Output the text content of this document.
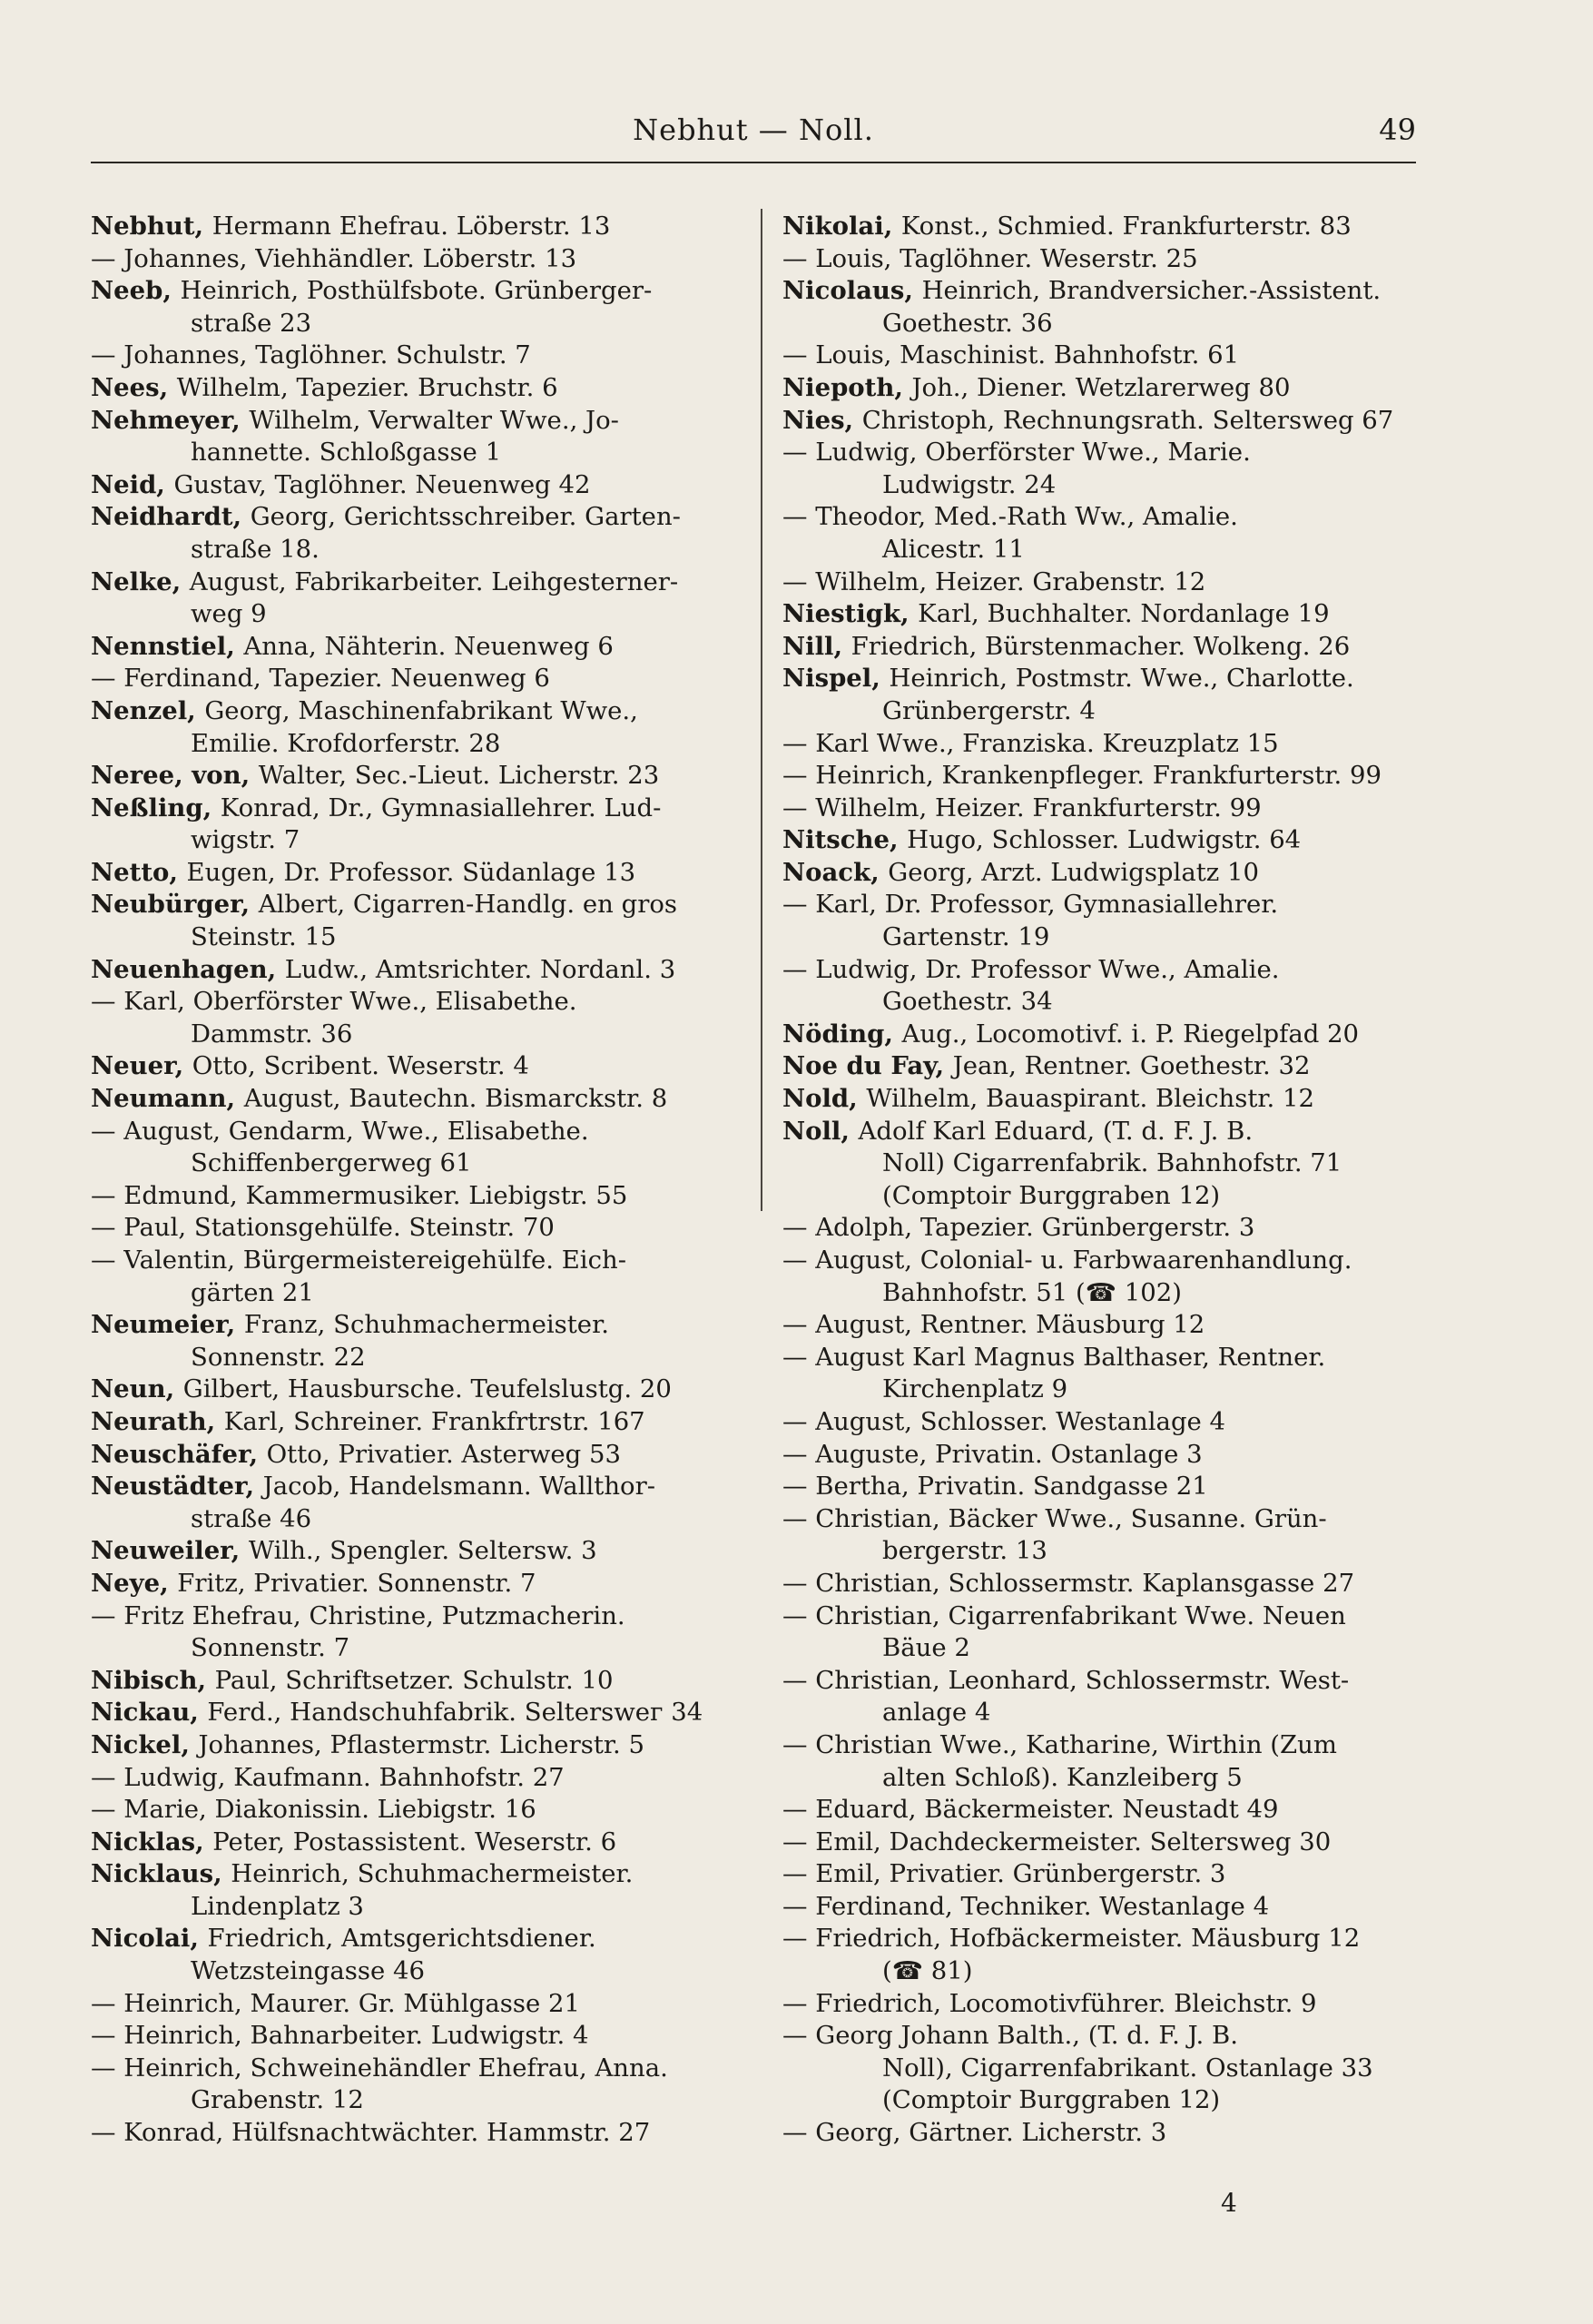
Nebhut — Noll.	49
Nebhut, Hermann Ehefrau. Löberstr. 13
— Johannes, Viehhändler. Löberstr. 13
Neeb, Heinrich, Posthülfsbote. Grünberger-
straße 23
— Johannes, Taglöhner. Schulstr. 7
Nees, Wilhelm, Tapezier. Bruchstr. 6
Nehmeyer, Wilhelm, Verwalter Wwe., Jo-
hannette. Schloßgasse 1
Neid, Gustav, Taglöhner. Neuenweg 42
Neidhardt, Georg, Gerichtsschreiber. Garten-
straße 18.
Nelke, August, Fabrikarbeiter. Leihgesterner-
weg 9
Nennstiel, Anna, Nähterin. Neuenweg 6
— Ferdinand, Tapezier. Neuenweg 6
Nenzel, Georg, Maschinenfabrikant Wwe.,
Emilie. Krofdorferstr. 28
Neree, von, Walter, Sec.-Lieut. Licherstr. 23
Neßling, Konrad, Dr., Gymnasiallehrer. Lud-
wigstr. 7
Netto, Eugen, Dr. Professor. Südanlage 13
Neubürger, Albert, Cigarren-Handlg. en gros
Steinstr. 15
Neuenhagen, Ludw., Amtsrichter. Nordanl. 3
— Karl, Oberförster Wwe., Elisabethe.
Dammstr. 36
Neuer, Otto, Scribent. Weserstr. 4
Neumann, August, Bautechn. Bismarckstr. 8
— August, Gendarm, Wwe., Elisabethe.
Schiffenbergerweg 61
— Edmund, Kammermusiker. Liebigstr. 55
— Paul, Stationsgehülfe. Steinstr. 70
— Valentin, Bürgermeistereigehülfe. Eich-
gärten 21
Neumeier, Franz, Schuhmachermeister.
Sonnenstr. 22
Neun, Gilbert, Hausbursche. Teufelslustg. 20
Neurath, Karl, Schreiner. Frankfrtrstr. 167
Neuschäfer, Otto, Privatier. Asterweg 53
Neustädter, Jacob, Handelsmann. Wallthor-
straße 46
Neuweiler, Wilh., Spengler. Seltersw. 3
Neye, Fritz, Privatier. Sonnenstr. 7
— Fritz Ehefrau, Christine, Putzmacherin.
Sonnenstr. 7
Nibisch, Paul, Schriftsetzer. Schulstr. 10
Nickau, Ferd., Handschuhfabrik. Selterswег 34
Nickel, Johannes, Pflastermstr. Licherstr. 5
— Ludwig, Kaufmann. Bahnhofstr. 27
— Marie, Diakonissin. Liebigstr. 16
Nicklas, Peter, Postassistent. Weserstr. 6
Nicklaus, Heinrich, Schuhmachermeister.
Lindenplatz 3
Nicolai, Friedrich, Amtsgerichtsdiener.
Wetzsteingasse 46
— Heinrich, Maurer. Gr. Mühlgasse 21
— Heinrich, Bahnarbeiter. Ludwigstr. 4
— Heinrich, Schweinehändler Ehefrau, Anna.
Grabenstr. 12
— Konrad, Hülfsnachtwächter. Hammstr. 27
Nikolai, Konst., Schmied. Frankfurterstr. 83
— Louis, Taglöhner. Weserstr. 25
Nicolaus, Heinrich, Brandversicher.-Assistent.
Goethestr. 36
— Louis, Maschinist. Bahnhofstr. 61
Niepoth, Joh., Diener. Wetzlarerweg 80
Nies, Christoph, Rechnungsrath. Seltersweg 67
— Ludwig, Oberförster Wwe., Marie.
Ludwigstr. 24
— Theodor, Med.-Rath Ww., Amalie.
Alicestr. 11
— Wilhelm, Heizer. Grabenstr. 12
Niestigk, Karl, Buchhalter. Nordanlage 19
Nill, Friedrich, Bürstenmacher. Wolkeng. 26
Nispel, Heinrich, Postmstr. Wwe., Charlotte.
Grünbergerstr. 4
— Karl Wwe., Franziska. Kreuzplatz 15
— Heinrich, Krankenpfleger. Frankfurterstr. 99
— Wilhelm, Heizer. Frankfurterstr. 99
Nitsche, Hugo, Schlosser. Ludwigstr. 64
Noack, Georg, Arzt. Ludwigsplatz 10
— Karl, Dr. Professor, Gymnasiallehrer.
Gartenstr. 19
— Ludwig, Dr. Professor Wwe., Amalie.
Goethestr. 34
Nöding, Aug., Locomotivf. i. P. Riegelpfad 20
Noe du Fay, Jean, Rentner. Goethestr. 32
Nold, Wilhelm, Bauaspirant. Bleichstr. 12
Noll, Adolf Karl Eduard, (T. d. F. J. B.
Noll) Cigarrenfabrik. Bahnhofstr. 71
(Comptoir Burggraben 12)
— Adolph, Tapezier. Grünbergerstr. 3
— August, Colonial- u. Farbwaarenhandlung.
Bahnhofstr. 51 (☎ 102)
— August, Rentner. Mäusburg 12
— August Karl Magnus Balthaser, Rentner.
Kirchenplatz 9
— August, Schlosser. Westanlage 4
— Auguste, Privatin. Ostanlage 3
— Bertha, Privatin. Sandgasse 21
— Christian, Bäcker Wwe., Susanne. Grün-
bergerstr. 13
— Christian, Schlossermstr. Kaplansgasse 27
— Christian, Cigarrenfabrikant Wwe. Neuen
Bäue 2
— Christian, Leonhard, Schlossermstr. West-
anlage 4
— Christian Wwe., Katharine, Wirthin (Zum
alten Schloß). Kanzleiberg 5
— Eduard, Bäckermeister. Neustadt 49
— Emil, Dachdeckermeister. Seltersweg 30
— Emil, Privatier. Grünbergerstr. 3
— Ferdinand, Techniker. Westanlage 4
— Friedrich, Hofbäckermeister. Mäusburg 12
(☎ 81)
— Friedrich, Locomotivführer. Bleichstr. 9
— Georg Johann Balth., (T. d. F. J. B.
Noll), Cigarrenfabrikant. Ostanlage 33
(Comptoir Burggraben 12)
— Georg, Gärtner. Licherstr. 3
4
